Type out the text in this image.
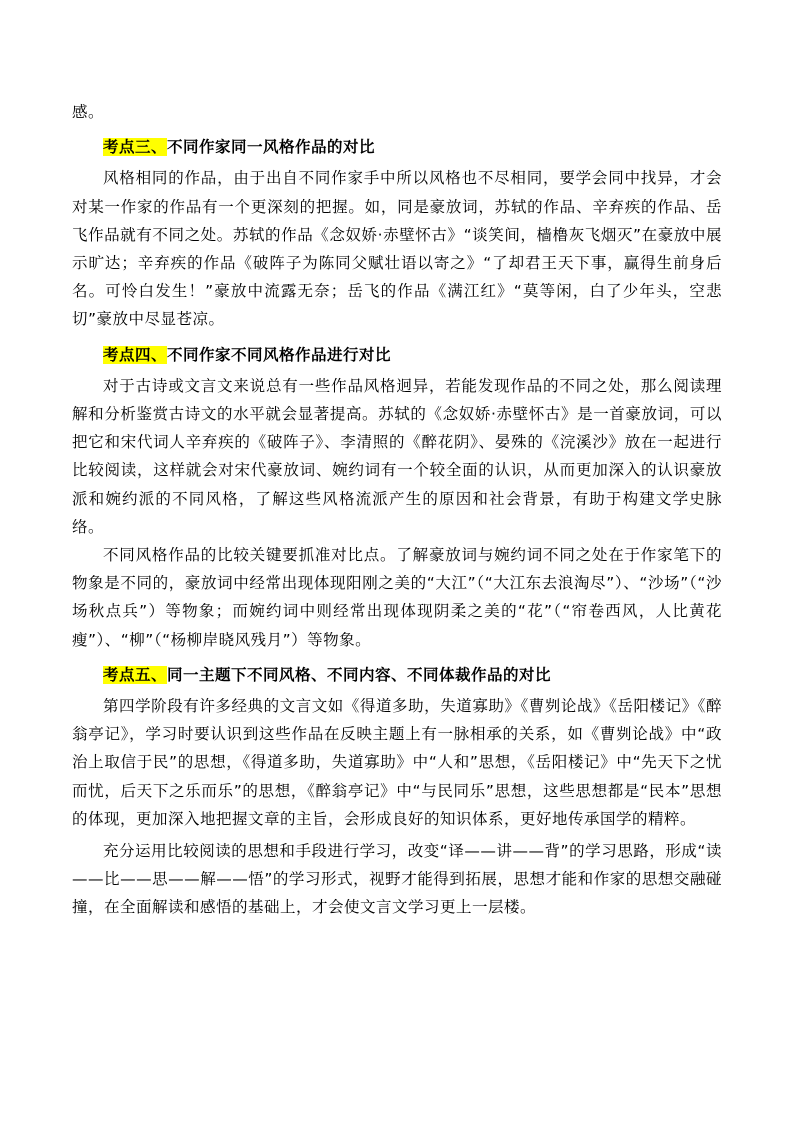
感。

考点三、不同作家同一风格作品的对比

风格相同的作品，由于出自不同作家手中所以风格也不尽相同，要学会同中找异，才会对某一作家的作品有一个更深刻的把握。如，同是豪放词，苏轼的作品、辛弃疾的作品、岳飞作品就有不同之处。苏轼的作品《念奴娇·赤壁怀古》“谈笑间，樯橹灰飞烟灭”在豪放中展示旷达；辛弃疾的作品《破阵子为陈同父赋壮语以寄之》“了却君王天下事，赢得生前身后名。可怜白发生！”豪放中流露无奈；岳飞的作品《满江红》“莫等闲，白了少年头，空悲切”豪放中尽显苍凉。

考点四、不同作家不同风格作品进行对比

对于古诗或文言文来说总有一些作品风格迥异，若能发现作品的不同之处，那么阅读理解和分析鉴赏古诗文的水平就会显著提高。苏轼的《念奴娇·赤壁怀古》是一首豪放词，可以把它和宋代词人辛弃疾的《破阵子》、李清照的《醉花阴》、晏殊的《浣溪沙》放在一起进行比较阅读，这样就会对宋代豪放词、婉约词有一个较全面的认识，从而更加深入的认识豪放派和婉约派的不同风格，了解这些风格流派产生的原因和社会背景，有助于构建文学史脉络。

不同风格作品的比较关键要抓准对比点。了解豪放词与婉约词不同之处在于作家笔下的物象是不同的，豪放词中经常出现体现阳刚之美的“大江”（“大江东去浪淘尽”）、“沙场”（“沙场秋点兵”）等物象；而婉约词中则经常出现体现阴柔之美的“花”（“帘卷西风，人比黄花瘦”）、“柳”（“杨柳岸晓风残月”）等物象。

考点五、同一主题下不同风格、不同内容、不同体裁作品的对比

第四学阶段有许多经典的文言文如《得道多助，失道寡助》《曹刿论战》《岳阳楼记》《醉翁亭记》，学习时要认识到这些作品在反映主题上有一脉相承的关系，如《曹刿论战》中“政治上取信于民”的思想，《得道多助，失道寡助》中“人和”思想，《岳阳楼记》中“先天下之忧而忧，后天下之乐而乐”的思想，《醉翁亭记》中“与民同乐”思想，这些思想都是“民本”思想的体现，更加深入地把握文章的主旨，会形成良好的知识体系，更好地传承国学的精粹。

充分运用比较阅读的思想和手段进行学习，改变“译——讲——背”的学习思路，形成“读——比——思——解——悟”的学习形式，视野才能得到拓展，思想才能和作家的思想交融碰撞，在全面解读和感悟的基础上，才会使文言文学习更上一层楼。
